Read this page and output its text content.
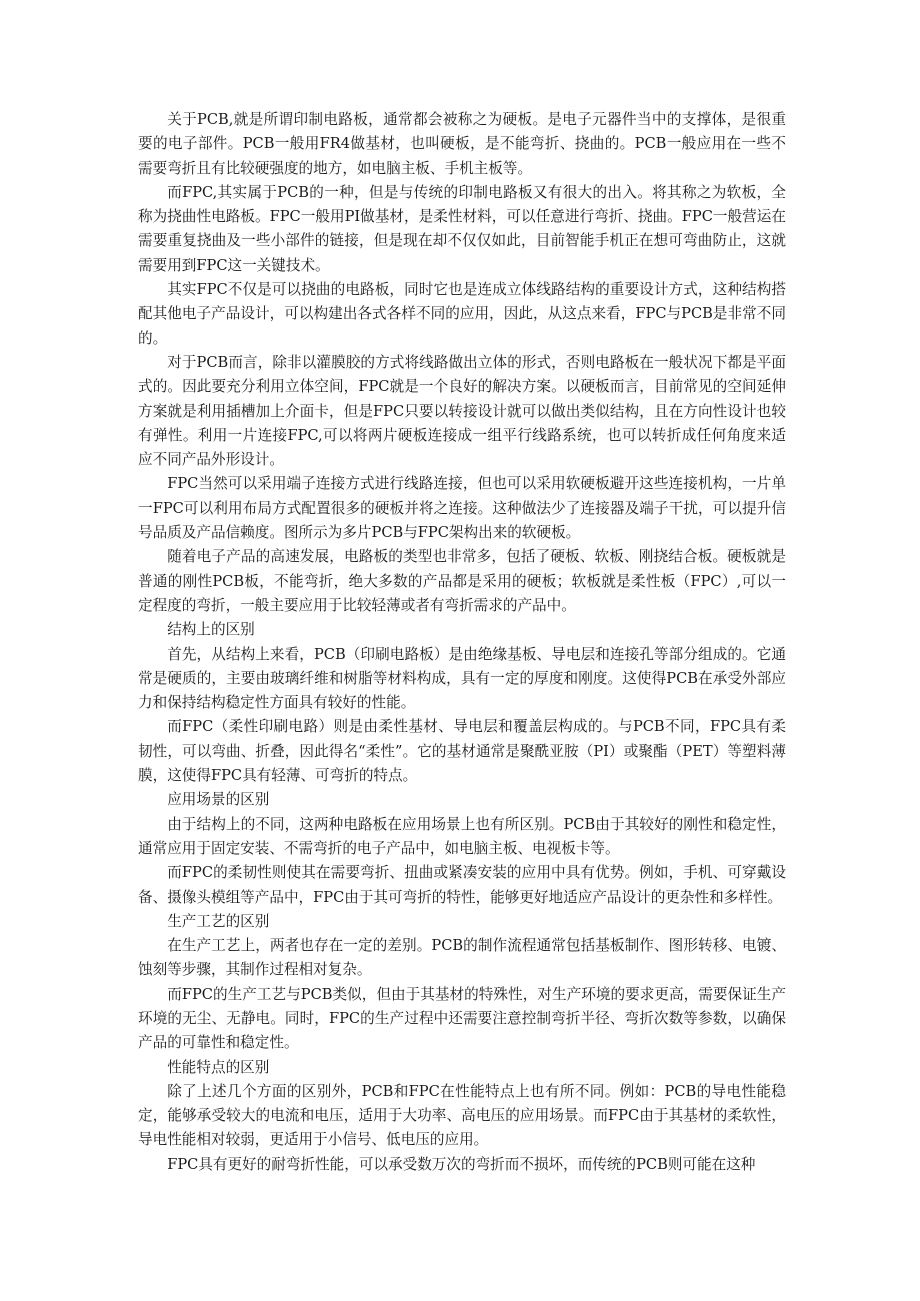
关于PCB,就是所谓印制电路板，通常都会被称之为硬板。是电子元器件当中的支撑体，是很重要的电子部件。PCB一般用FR4做基材，也叫硬板，是不能弯折、挠曲的。PCB一般应用在一些不需要弯折且有比较硬强度的地方，如电脑主板、手机主板等。

而FPC,其实属于PCB的一种，但是与传统的印制电路板又有很大的出入。将其称之为软板，全称为挠曲性电路板。FPC一般用PI做基材，是柔性材料，可以任意进行弯折、挠曲。FPC一般营运在需要重复挠曲及一些小部件的链接，但是现在却不仅仅如此，目前智能手机正在想可弯曲防止，这就需要用到FPC这一关键技术。

其实FPC不仅是可以挠曲的电路板，同时它也是连成立体线路结构的重要设计方式，这种结构搭配其他电子产品设计，可以构建出各式各样不同的应用，因此，从这点来看，FPC与PCB是非常不同的。

对于PCB而言，除非以灌膜胶的方式将线路做出立体的形式，否则电路板在一般状况下都是平面式的。因此要充分利用立体空间，FPC就是一个良好的解决方案。以硬板而言，目前常见的空间延伸方案就是利用插槽加上介面卡，但是FPC只要以转接设计就可以做出类似结构，且在方向性设计也较有弹性。利用一片连接FPC,可以将两片硬板连接成一组平行线路系统，也可以转折成任何角度来适应不同产品外形设计。

FPC当然可以采用端子连接方式进行线路连接，但也可以采用软硬板避开这些连接机构，一片单一FPC可以利用布局方式配置很多的硬板并将之连接。这种做法少了连接器及端子干扰，可以提升信号品质及产品信赖度。图所示为多片PCB与FPC架构出来的软硬板。

随着电子产品的高速发展，电路板的类型也非常多，包括了硬板、软板、刚挠结合板。硬板就是普通的刚性PCB板，不能弯折，绝大多数的产品都是采用的硬板；软板就是柔性板（FPC）,可以一定程度的弯折，一般主要应用于比较轻薄或者有弯折需求的产品中。

结构上的区别

首先，从结构上来看，PCB（印刷电路板）是由绝缘基板、导电层和连接孔等部分组成的。它通常是硬质的，主要由玻璃纤维和树脂等材料构成，具有一定的厚度和刚度。这使得PCB在承受外部应力和保持结构稳定性方面具有较好的性能。

而FPC（柔性印刷电路）则是由柔性基材、导电层和覆盖层构成的。与PCB不同，FPC具有柔韧性，可以弯曲、折叠，因此得名“柔性”。它的基材通常是聚酰亚胺（PI）或聚酯（PET）等塑料薄膜，这使得FPC具有轻薄、可弯折的特点。

应用场景的区别

由于结构上的不同，这两种电路板在应用场景上也有所区别。PCB由于其较好的刚性和稳定性，通常应用于固定安装、不需弯折的电子产品中，如电脑主板、电视板卡等。

而FPC的柔韧性则使其在需要弯折、扭曲或紧凑安装的应用中具有优势。例如，手机、可穿戴设备、摄像头模组等产品中，FPC由于其可弯折的特性，能够更好地适应产品设计的更杂性和多样性。

生产工艺的区别

在生产工艺上，两者也存在一定的差别。PCB的制作流程通常包括基板制作、图形转移、电镀、蚀刻等步骤，其制作过程相对复杂。

而FPC的生产工艺与PCB类似，但由于其基材的特殊性，对生产环境的要求更高，需要保证生产环境的无尘、无静电。同时，FPC的生产过程中还需要注意控制弯折半径、弯折次数等参数，以确保产品的可靠性和稳定性。

性能特点的区别

除了上述几个方面的区别外，PCB和FPC在性能特点上也有所不同。例如：PCB的导电性能稳定，能够承受较大的电流和电压，适用于大功率、高电压的应用场景。而FPC由于其基材的柔软性，导电性能相对较弱，更适用于小信号、低电压的应用。

FPC具有更好的耐弯折性能，可以承受数万次的弯折而不损坏，而传统的PCB则可能在这种
